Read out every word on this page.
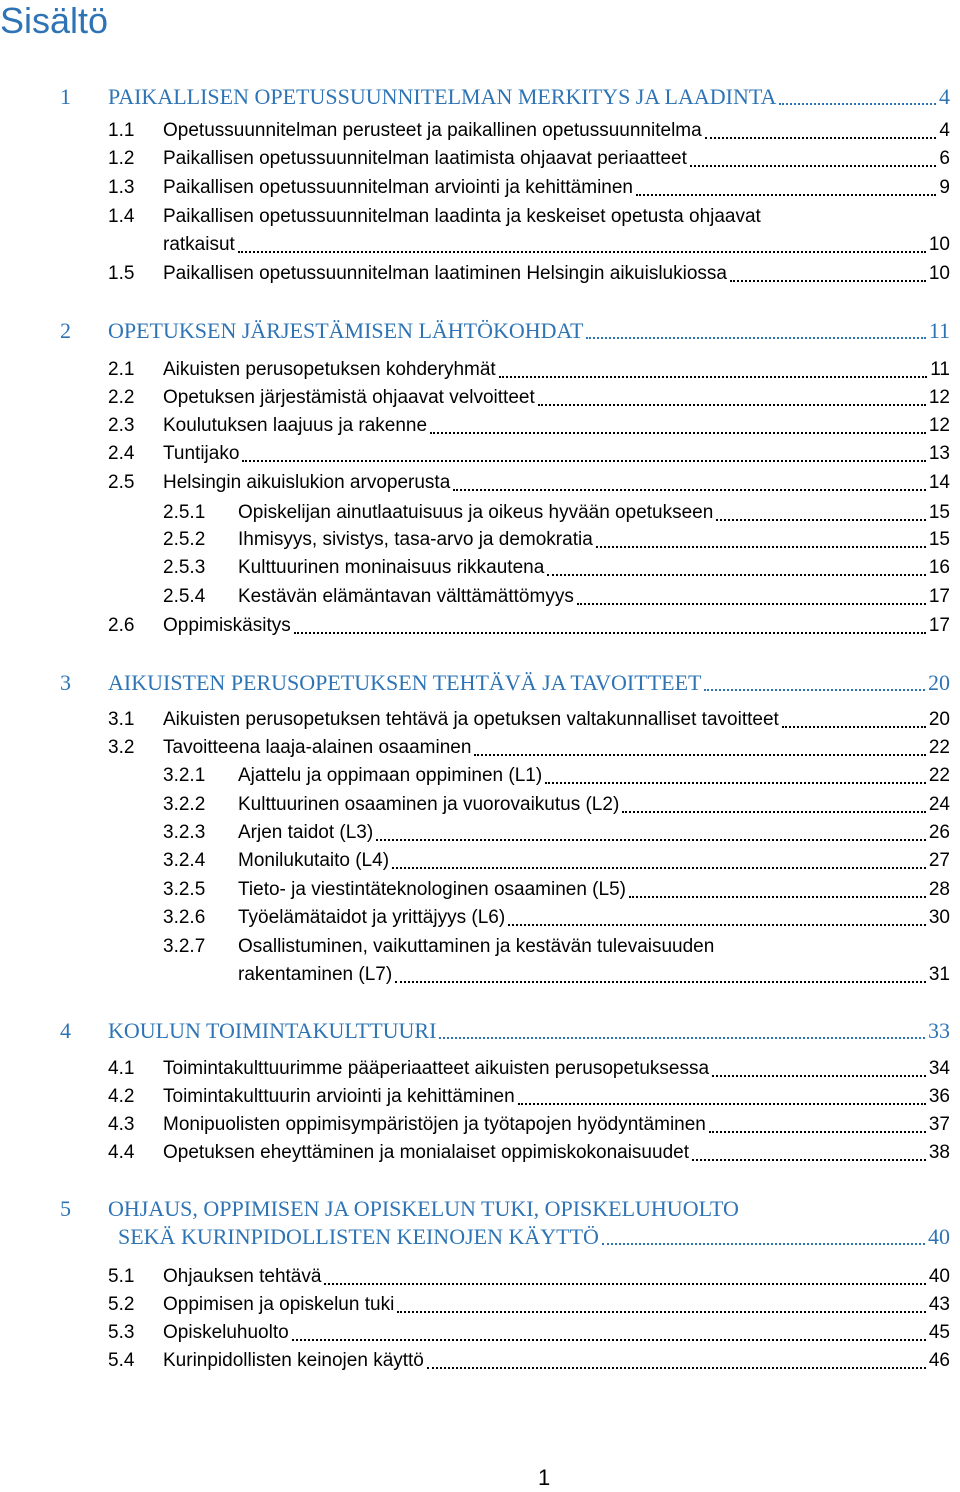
Sisältö
1 PAIKALLISEN OPETUSSUUNNITELMAN MERKITYS JA LAADINTA	4
1.1 Opetussuunnitelman perusteet ja paikallinen opetussuunnitelma	4
1.2 Paikallisen opetussuunnitelman laatimista ohjaavat periaatteet	6
1.3 Paikallisen opetussuunnitelman arviointi ja kehittäminen	9
1.4 Paikallisen opetussuunnitelman laadinta ja keskeiset opetusta ohjaavat
ratkaisut	10
1.5 Paikallisen opetussuunnitelman laatiminen Helsingin aikuislukiossa	10
2 OPETUKSEN JÄRJESTÄMISEN LÄHTÖKOHDAT	11
2.1 Aikuisten perusopetuksen kohderyhmät	11
2.2 Opetuksen järjestämistä ohjaavat velvoitteet	12
2.3 Koulutuksen laajuus ja rakenne	12
2.4 Tuntijako	13
2.5 Helsingin aikuislukion arvoperusta	14
2.5.1 Opiskelijan ainutlaatuisuus ja oikeus hyvään opetukseen	15
2.5.2 Ihmisyys, sivistys, tasa-arvo ja demokratia	15
2.5.3 Kulttuurinen moninaisuus rikkautena	16
2.5.4 Kestävän elämäntavan välttämättömyys	17
2.6 Oppimiskäsitys	17
3 AIKUISTEN PERUSOPETUKSEN TEHTÄVÄ JA TAVOITTEET	20
3.1 Aikuisten perusopetuksen tehtävä ja opetuksen valtakunnalliset tavoitteet	20
3.2 Tavoitteena laaja-alainen osaaminen	22
3.2.1 Ajattelu ja oppimaan oppiminen (L1)	22
3.2.2 Kulttuurinen osaaminen ja vuorovaikutus (L2)	24
3.2.3 Arjen taidot (L3)	26
3.2.4 Monilukutaito (L4)	27
3.2.5 Tieto- ja viestintäteknologinen osaaminen (L5)	28
3.2.6 Työelämätaidot ja yrittäjyys (L6)	30
3.2.7 Osallistuminen, vaikuttaminen ja kestävän tulevaisuuden
rakentaminen (L7)	31
4 KOULUN TOIMINTAKULTTUURI	33
4.1 Toimintakulttuurimme pääperiaatteet aikuisten perusopetuksessa	34
4.2 Toimintakulttuurin arviointi ja kehittäminen	36
4.3 Monipuolisten oppimisympäristöjen ja työtapojen hyödyntäminen	37
4.4 Opetuksen eheyttäminen ja monialaiset oppimiskokonaisuudet	38
5 OHJAUS, OPPIMISEN JA OPISKELUN TUKI, OPISKELUHUOLTO
SEKÄ KURINPIDOLLISTEN KEINOJEN KÄYTTÖ	40
5.1 Ohjauksen tehtävä	40
5.2 Oppimisen ja opiskelun tuki	43
5.3 Opiskeluhuolto	45
5.4 Kurinpidollisten keinojen käyttö	46
1
